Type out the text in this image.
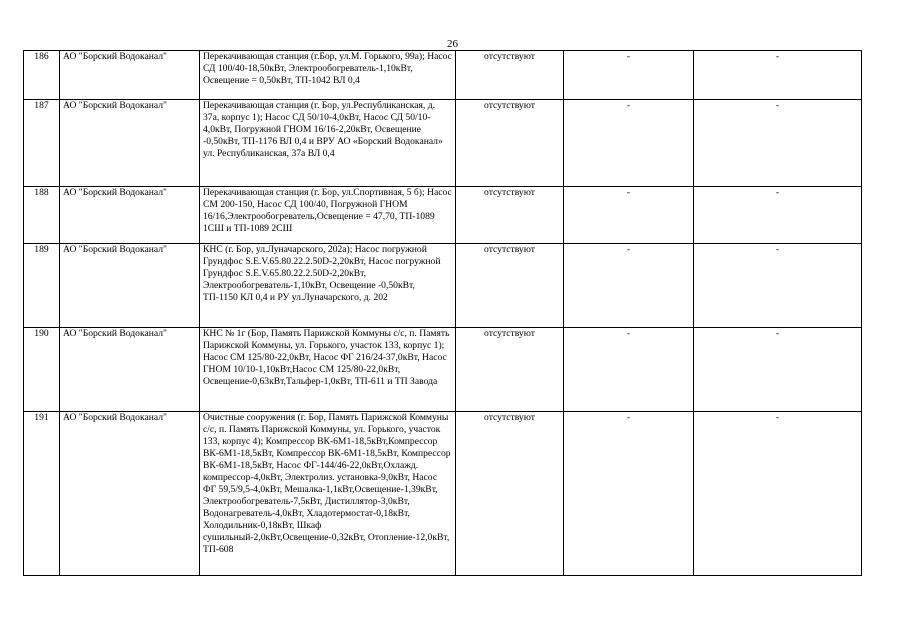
26
186	АО "Борский Водоканал"	Перекачивающая станция (г.Бор, ул.М. Горького, 99а); Насос СД 100/40-18,50кВт, Электрообогреватель-1,10кВт, Освещение = 0,50кВт, ТП-1042 ВЛ 0,4	отсутствуют	-	-
187	АО "Борский Водоканал"	Перекачивающая станция (г. Бор, ул.Республиканская, д. 37а, корпус 1); Насос СД 50/10-4,0кВт, Насос СД 50/10-4,0кВт, Погружной ГНОМ 16/16-2,20кВт, Освещение -0,50кВт, ТП-1176 ВЛ 0,4 и ВРУ АО «Борский Водоканал» ул. Республиканская, 37а ВЛ 0,4	отсутствуют	-	-
188	АО "Борский Водоканал"	Перекачивающая станция (г. Бор, ул.Спортивная, 5 б); Насос СМ 200-150, Насос СД 100/40, Погружной ГНОМ 16/16,Электрообогреватель,Освещение = 47,70, ТП-1089 1СШ и ТП-1089 2СШ	отсутствуют	-	-
189	АО "Борский Водоканал"	КНС (г. Бор, ул.Луначарского, 202а); Насос погружной Грундфос S.E.V.65.80.22.2.50D-2,20кВт, Насос погружной Грундфос S.E.V.65.80.22.2.50D-2,20кВт, Электрообогреватель-1,10кВт, Освещение -0,50кВт, ТП-1150 КЛ 0,4 и РУ ул.Луначарского, д. 202	отсутствуют	-	-
190	АО "Борский Водоканал"	КНС № 1г (Бор, Память Парижской Коммуны с/с, п. Память Парижской Коммуны, ул. Горького, участок 133, корпус 1); Насос СМ 125/80-22,0кВт, Насос ФГ 216/24-37,0кВт, Насос ГНОМ 10/10-1,10кВт,Насос СМ 125/80-22,0кВт, Освещение-0,63кВт,Тальфер-1,0кВт, ТП-611 и ТП Завода	отсутствуют	-	-
191	АО "Борский Водоканал"	Очистные сооружения (г. Бор, Память Парижской Коммуны с/с, п. Память Парижской Коммуны, ул. Горького, участок 133, корпус 4); Компрессор ВК-6М1-18,5кВт,Компрессор ВК-6М1-18,5кВт, Компрессор ВК-6М1-18,5кВт, Компрессор ВК-6М1-18,5кВт, Насос ФГ-144/46-22,0кВт,Охлажд. компрессор-4,0кВт, Электролиз. установка-9,0кВт, Насос ФГ 59,5/9,5-4,0кВт, Мешалка-1,1кВт,Освещение-1,39кВт, Электрообогреватель-7,5кВт, Дистиллятор-3,0кВт, Водонагреватель-4,0кВт, Хладотермостат-0,18кВт, Холодильник-0,18кВт, Шкаф сушильный-2,0кВт,Освещение-0,32кВт, Отопление-12,0кВт, ТП-608	отсутствуют	-	-
